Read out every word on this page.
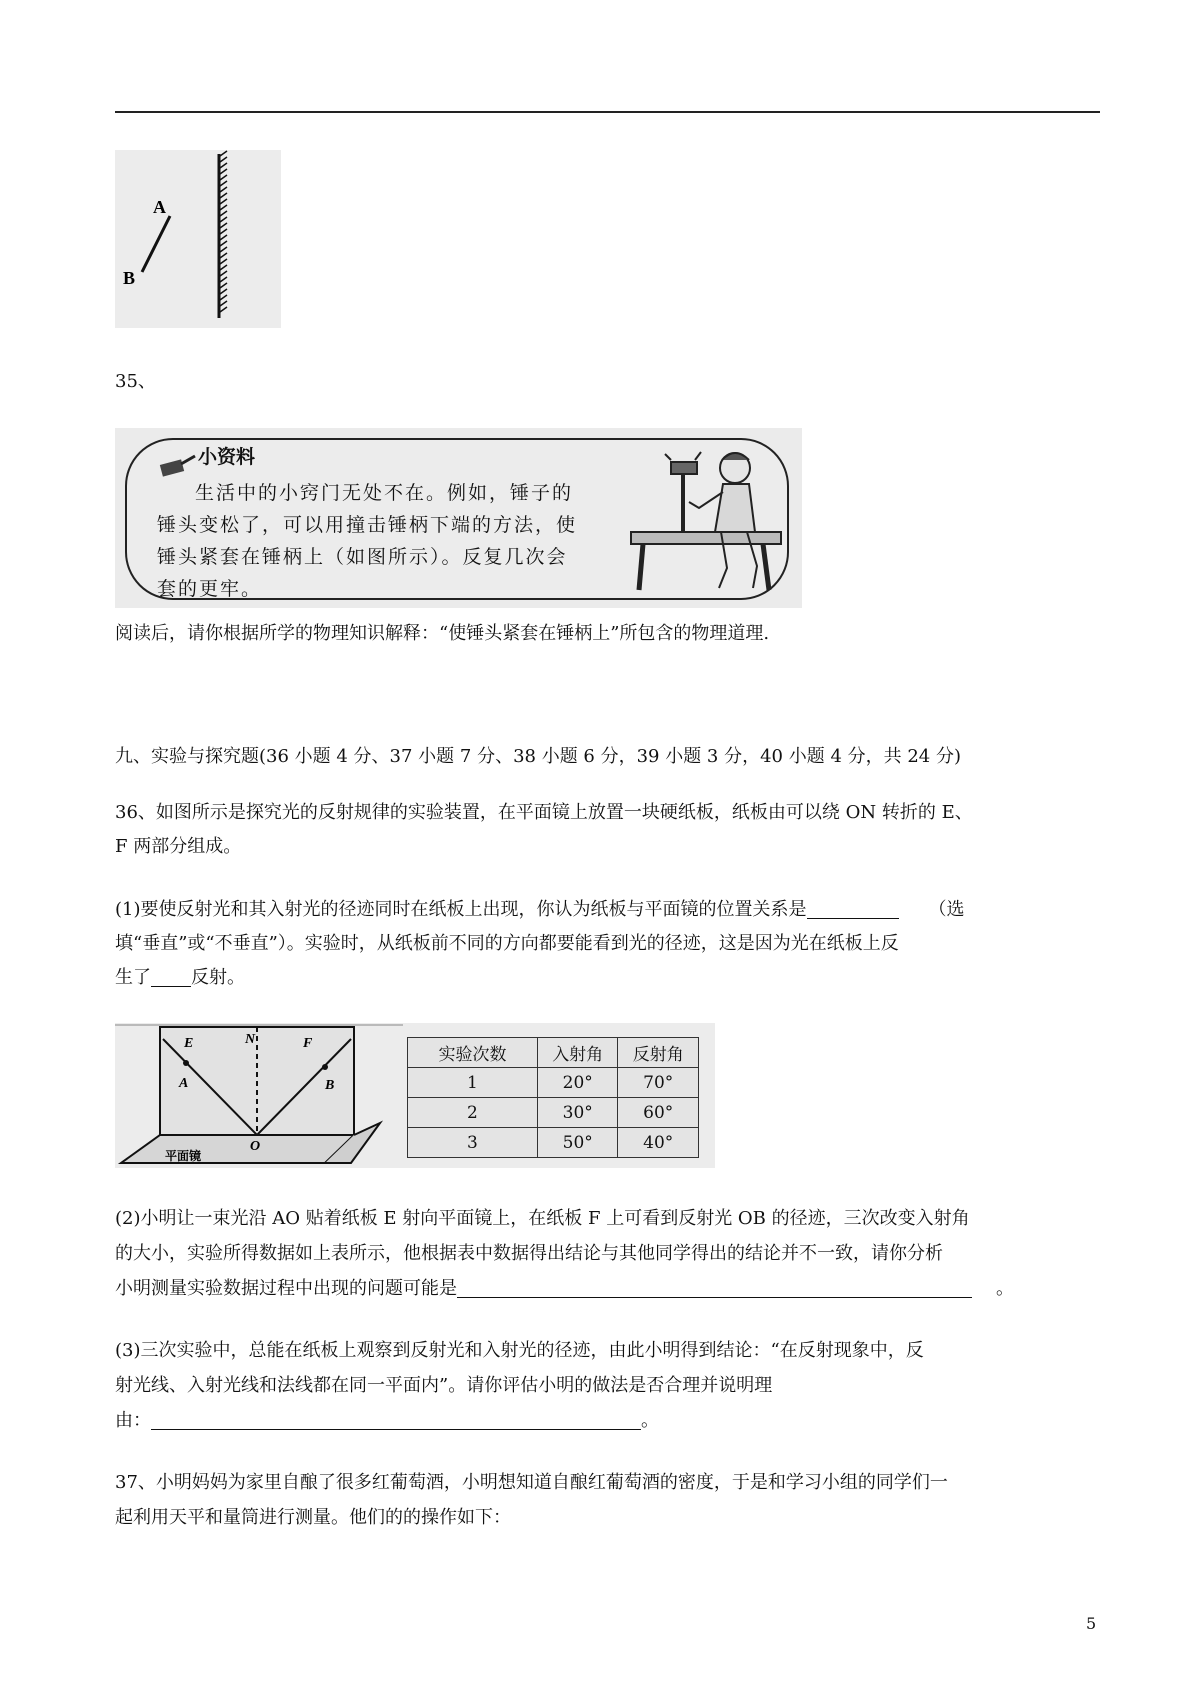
A
B
35、
小资料
生活中的小窍门无处不在。例如，锤子的
锤头变松了，可以用撞击锤柄下端的方法，使
锤头紧套在锤柄上（如图所示）。反复几次会
套的更牢。
阅读后，请你根据所学的物理知识解释：“使锤头紧套在锤柄上”所包含的物理道理.
九、实验与探究题(36 小题 4 分、37 小题 7 分、38 小题 6 分，39 小题 3 分，40 小题 4 分，共 24 分)
36、如图所示是探究光的反射规律的实验装置，在平面镜上放置一块硬纸板，纸板由可以绕 ON 转折的 E、
F 两部分组成。
(1)要使反射光和其入射光的径迹同时在纸板上出现，你认为纸板与平面镜的位置关系是	（选
填“垂直”或“不垂直”）。实验时，从纸板前不同的方向都要能看到光的径迹，这是因为光在纸板上反
生了 反射。
E	N	F
A	B
O
平面镜
实验次数	入射角	反射角
1	20°	70°
2	30°	60°
3	50°	40°
(2)小明让一束光沿 AO 贴着纸板 E 射向平面镜上，在纸板 F 上可看到反射光 OB 的径迹，三次改变入射角
的大小，实验所得数据如上表所示，他根据表中数据得出结论与其他同学得出的结论并不一致，请你分析
小明测量实验数据过程中出现的问题可能是	。
(3)三次实验中，总能在纸板上观察到反射光和入射光的径迹，由此小明得到结论：“在反射现象中，反
射光线、入射光线和法线都在同一平面内”。请你评估小明的做法是否合理并说明理
由：	。
37、小明妈妈为家里自酿了很多红葡萄酒，小明想知道自酿红葡萄酒的密度，于是和学习小组的同学们一
起利用天平和量筒进行测量。他们的的操作如下：
5
